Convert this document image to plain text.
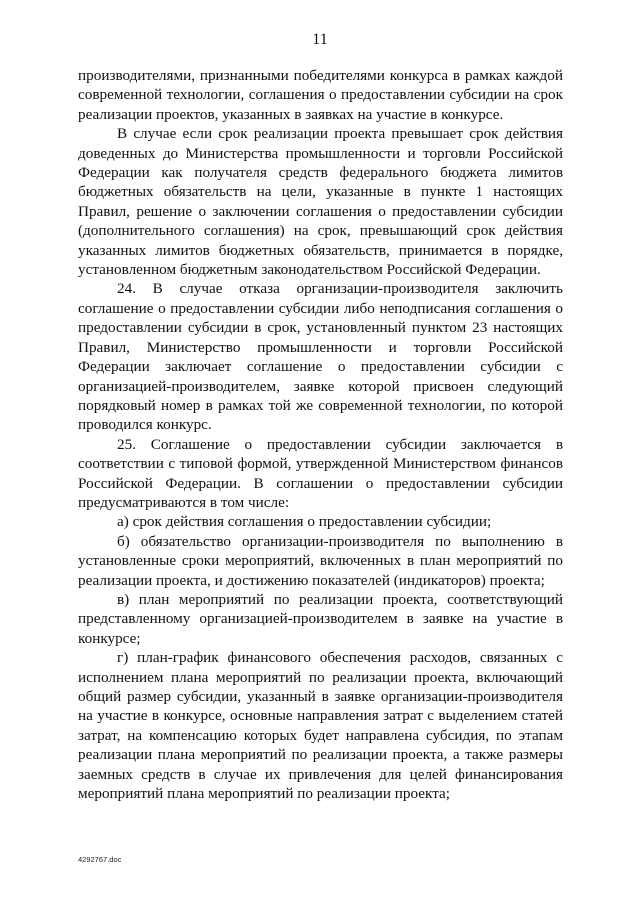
11

производителями, признанными победителями конкурса в рамках каждой современной технологии, соглашения о предоставлении субсидии на срок реализации проектов, указанных в заявках на участие в конкурсе.

В случае если срок реализации проекта превышает срок действия доведенных до Министерства промышленности и торговли Российской Федерации как получателя средств федерального бюджета лимитов бюджетных обязательств на цели, указанные в пункте 1 настоящих Правил, решение о заключении соглашения о предоставлении субсидии (дополнительного соглашения) на срок, превышающий срок действия указанных лимитов бюджетных обязательств, принимается в порядке, установленном бюджетным законодательством Российской Федерации.

24. В случае отказа организации-производителя заключить соглашение о предоставлении субсидии либо неподписания соглашения о предоставлении субсидии в срок, установленный пунктом 23 настоящих Правил, Министерство промышленности и торговли Российской Федерации заключает соглашение о предоставлении субсидии с организацией-производителем, заявке которой присвоен следующий порядковый номер в рамках той же современной технологии, по которой проводился конкурс.

25. Соглашение о предоставлении субсидии заключается в соответствии с типовой формой, утвержденной Министерством финансов Российской Федерации. В соглашении о предоставлении субсидии предусматриваются в том числе:

а) срок действия соглашения о предоставлении субсидии;

б) обязательство организации-производителя по выполнению в установленные сроки мероприятий, включенных в план мероприятий по реализации проекта, и достижению показателей (индикаторов) проекта;

в) план мероприятий по реализации проекта, соответствующий представленному организацией-производителем в заявке на участие в конкурсе;

г) план-график финансового обеспечения расходов, связанных с исполнением плана мероприятий по реализации проекта, включающий общий размер субсидии, указанный в заявке организации-производителя на участие в конкурсе, основные направления затрат с выделением статей затрат, на компенсацию которых будет направлена субсидия, по этапам реализации плана мероприятий по реализации проекта, а также размеры заемных средств в случае их привлечения для целей финансирования мероприятий плана мероприятий по реализации проекта;

4292767.doc
